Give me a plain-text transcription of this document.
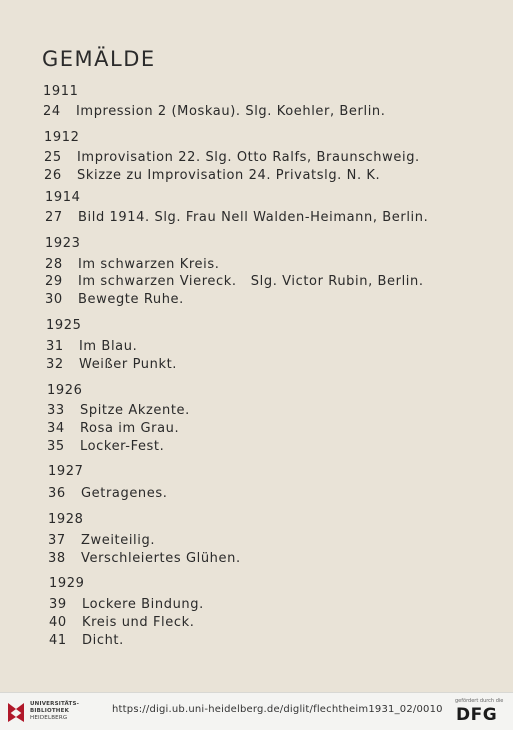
GEMÄLDE
1911
24 Impression 2 (Moskau). Slg. Koehler, Berlin.
1912
25 Improvisation 22. Slg. Otto Ralfs, Braunschweig.
26 Skizze zu Improvisation 24. Privatslg. N. K.
1914
27 Bild 1914. Slg. Frau Nell Walden-Heimann, Berlin.
1923
28 Im schwarzen Kreis.
29 Im schwarzen Viereck.   Slg. Victor Rubin, Berlin.
30 Bewegte Ruhe.
1925
31 Im Blau.
32 Weißer Punkt.
1926
33 Spitze Akzente.
34 Rosa im Grau.
35 Locker-Fest.
1927
36 Getragenes.
1928
37 Zweiteilig.
38 Verschleiertes Glühen.
1929
39 Lockere Bindung.
40 Kreis und Fleck.
41 Dicht.
UNIVERSITÄTS-
BIBLIOTHEK
HEIDELBERG
https://digi.ub.uni-heidelberg.de/diglit/flechtheim1931_02/0010
gefördert durch die
DFG
